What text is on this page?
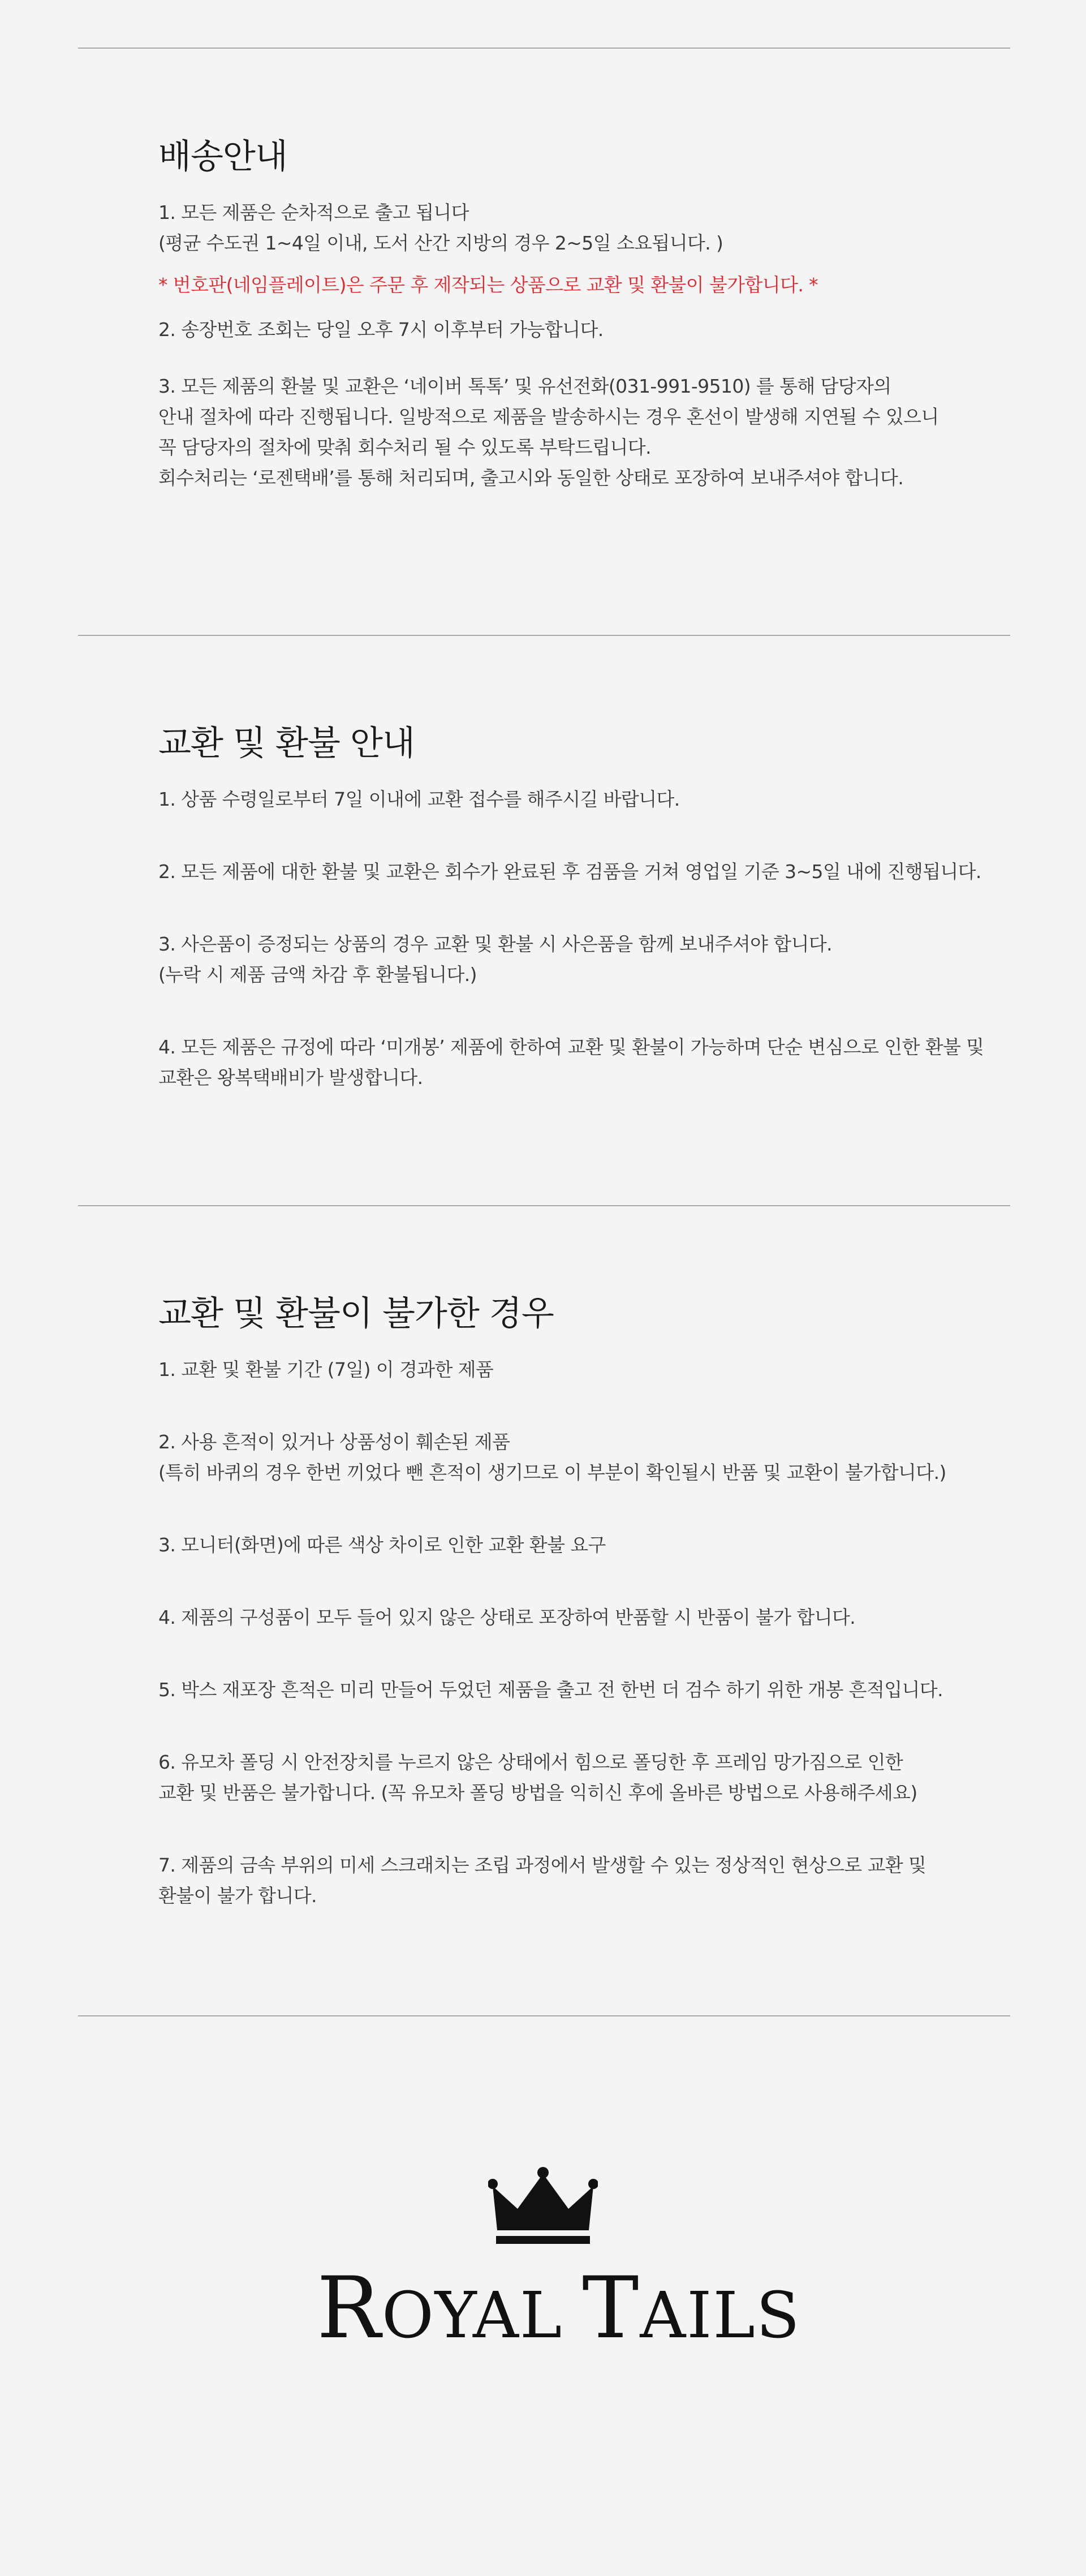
배송안내

1. 모든 제품은 순차적으로 출고 됩니다
(평균 수도권 1~4일 이내, 도서 산간 지방의 경우 2~5일 소요됩니다. )

* 번호판(네임플레이트)은 주문 후 제작되는 상품으로 교환 및 환불이 불가합니다. *

2. 송장번호 조회는 당일 오후 7시 이후부터 가능합니다.

3. 모든 제품의 환불 및 교환은 ‘네이버 톡톡’ 및 유선전화(031-991-9510) 를 통해 담당자의
안내 절차에 따라 진행됩니다. 일방적으로 제품을 발송하시는 경우 혼선이 발생해 지연될 수 있으니
꼭 담당자의 절차에 맞춰 회수처리 될 수 있도록 부탁드립니다.
회수처리는 ‘로젠택배’를 통해 처리되며, 출고시와 동일한 상태로 포장하여 보내주셔야 합니다.

교환 및 환불 안내

1. 상품 수령일로부터 7일 이내에 교환 접수를 해주시길 바랍니다.

2. 모든 제품에 대한 환불 및 교환은 회수가 완료된 후 검품을 거쳐 영업일 기준 3~5일 내에 진행됩니다.

3. 사은품이 증정되는 상품의 경우 교환 및 환불 시 사은품을 함께 보내주셔야 합니다.
(누락 시 제품 금액 차감 후 환불됩니다.)

4. 모든 제품은 규정에 따라 ‘미개봉’ 제품에 한하여 교환 및 환불이 가능하며 단순 변심으로 인한 환불 및
교환은 왕복택배비가 발생합니다.

교환 및 환불이 불가한 경우

1. 교환 및 환불 기간 (7일) 이 경과한 제품

2. 사용 흔적이 있거나 상품성이 훼손된 제품
(특히 바퀴의 경우 한번 끼었다 뺀 흔적이 생기므로 이 부분이 확인될시 반품 및 교환이 불가합니다.)

3. 모니터(화면)에 따른 색상 차이로 인한 교환 환불 요구

4. 제품의 구성품이 모두 들어 있지 않은 상태로 포장하여 반품할 시 반품이 불가 합니다.

5. 박스 재포장 흔적은 미리 만들어 두었던 제품을 출고 전 한번 더 검수 하기 위한 개봉 흔적입니다.

6. 유모차 폴딩 시 안전장치를 누르지 않은 상태에서 힘으로 폴딩한 후 프레임 망가짐으로 인한
교환 및 반품은 불가합니다. (꼭 유모차 폴딩 방법을 익히신 후에 올바른 방법으로 사용해주세요)

7. 제품의 금속 부위의 미세 스크래치는 조립 과정에서 발생할 수 있는 정상적인 현상으로 교환 및
환불이 불가 합니다.

ROYAL TAILS
